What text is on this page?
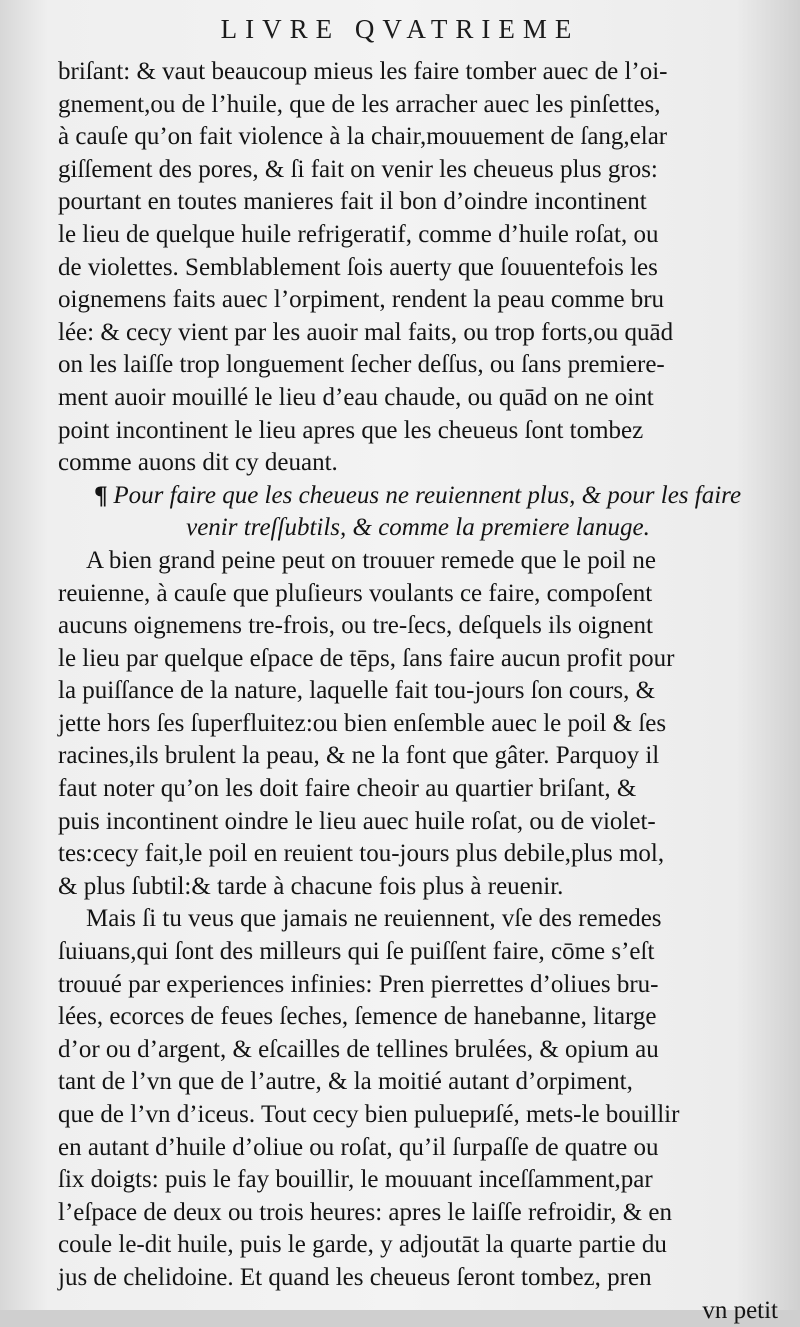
LIVRE QVATRIEME
briſant: & vaut beaucoup mieus les faire tomber auec de l’oi-
gnement,ou de l’huile, que de les arracher auec les pinſettes,
à cauſe qu’on fait violence à la chair,mouuement de ſang,elar
giſſement des pores, & ſi fait on venir les cheueus plus gros:
pourtant en toutes manieres fait il bon d’oindre incontinent
le lieu de quelque huile refrigeratif, comme d’huile roſat, ou
de violettes. Semblablement ſois auerty que ſouuentefois les
oignemens faits auec l’orpiment, rendent la peau comme bru
lée: & cecy vient par les auoir mal faits, ou trop forts,ou quād
on les laiſſe trop longuement ſecher deſſus, ou ſans premiere-
ment auoir mouillé le lieu d’eau chaude, ou quād on ne oint
point incontinent le lieu apres que les cheueus ſont tombez
comme auons dit cy deuant.
¶ Pour faire que les cheueus ne reuiennent plus, & pour les faire
venir treſſubtils, & comme la premiere lanuge.
A bien grand peine peut on trouuer remede que le poil ne
reuienne, à cauſe que pluſieurs voulants ce faire, compoſent
aucuns oignemens tre-frois, ou tre-ſecs, deſquels ils oignent
le lieu par quelque eſpace de tēps, ſans faire aucun profit pour
la puiſſance de la nature, laquelle fait tou-jours ſon cours, &
jette hors ſes ſuperfluitez:ou bien enſemble auec le poil & ſes
racines,ils brulent la peau, & ne la font que gâter. Parquoy il
faut noter qu’on les doit faire cheoir au quartier briſant, &
puis incontinent oindre le lieu auec huile roſat, ou de violet-
tes:cecy fait,le poil en reuient tou-jours plus debile,plus mol,
& plus ſubtil:& tarde à chacune fois plus à reuenir.
Mais ſi tu veus que jamais ne reuiennent, vſe des remedes
ſuiuans,qui ſont des milleurs qui ſe puiſſent faire, cōme s’eſt
trouué par experiences infinies: Pren pierrettes d’oliues bru-
lées, ecorces de feues ſeches, ſemence de hanebanne, litarge
d’or ou d’argent, & eſcailles de tellines brulées, & opium au
tant de l’vn que de l’autre, & la moitié autant d’orpiment,
que de l’vn d’iceus. Tout cecy bien puluериſé, mets-le bouillir
en autant d’huile d’oliue ou roſat, qu’il ſurpaſſe de quatre ou
ſix doigts: puis le fay bouillir, le mouuant inceſſamment,par
l’eſpace de deux ou trois heures: apres le laiſſe refroidir, & en
coule le-dit huile, puis le garde, y adjoutāt la quarte partie du
jus de chelidoine. Et quand les cheueus ſeront tombez, pren
vn petit
